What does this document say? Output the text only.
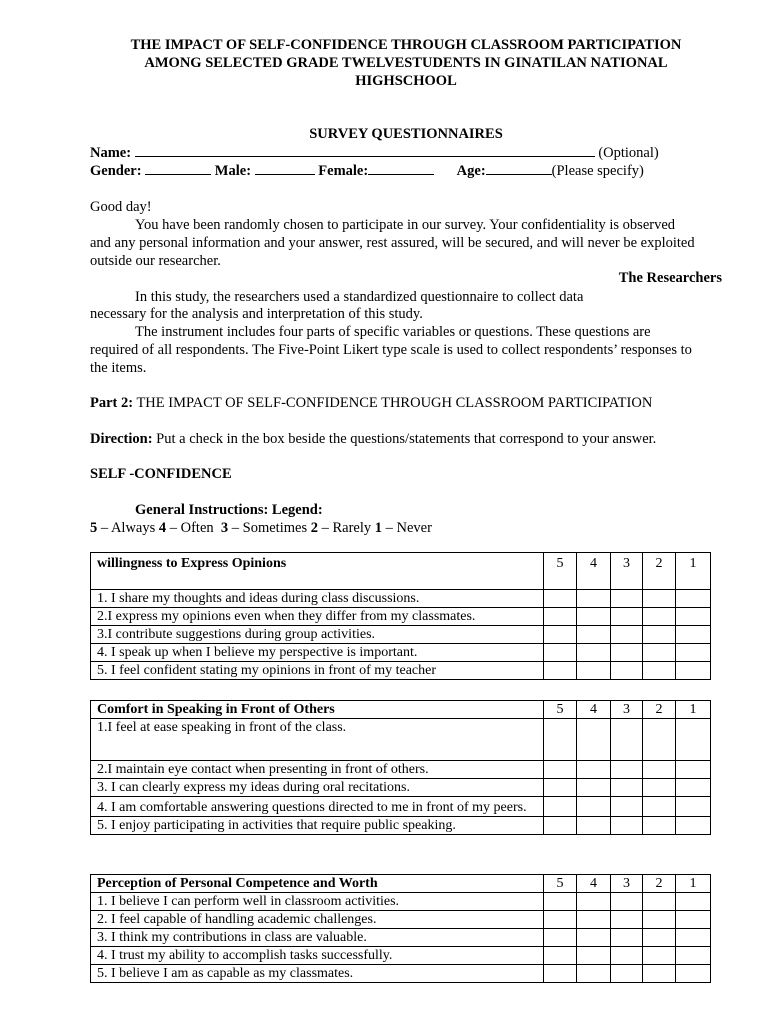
THE IMPACT OF SELF-CONFIDENCE THROUGH CLASSROOM PARTICIPATION
AMONG SELECTED GRADE TWELVESTUDENTS IN GINATILAN NATIONAL
HIGHSCHOOL
SURVEY QUESTIONNAIRES
Name:	(Optional)
Gender:	Male:	Female:	Age:	(Please specify)
Good day!
You have been randomly chosen to participate in our survey. Your confidentiality is observed
and any personal information and your answer, rest assured, will be secured, and will never be exploited
outside our researcher.
The Researchers
In this study, the researchers used a standardized questionnaire to collect data
necessary for the analysis and interpretation of this study.
The instrument includes four parts of specific variables or questions. These questions are
required of all respondents. The Five-Point Likert type scale is used to collect respondents’ responses to
the items.
Part 2: THE IMPACT OF SELF-CONFIDENCE THROUGH CLASSROOM PARTICIPATION
Direction: Put a check in the box beside the questions/statements that correspond to your answer.
SELF -CONFIDENCE
General Instructions: Legend:
5 – Always 4 – Often  3 – Sometimes 2 – Rarely 1 – Never
willingness to Express Opinions	5	4	3	2	1
1. I share my thoughts and ideas during class discussions.					
2.I express my opinions even when they differ from my classmates.					
3.I contribute suggestions during group activities.					
4. I speak up when I believe my perspective is important.					
5. I feel confident stating my opinions in front of my teacher					
Comfort in Speaking in Front of Others	5	4	3	2	1
1.I feel at ease speaking in front of the class.					
2.I maintain eye contact when presenting in front of others.					
3. I can clearly express my ideas during oral recitations.					
4. I am comfortable answering questions directed to me in front of my peers.					
5. I enjoy participating in activities that require public speaking.					
Perception of Personal Competence and Worth	5	4	3	2	1
1. I believe I can perform well in classroom activities.					
2. I feel capable of handling academic challenges.					
3. I think my contributions in class are valuable.					
4. I trust my ability to accomplish tasks successfully.					
5. I believe I am as capable as my classmates.					
